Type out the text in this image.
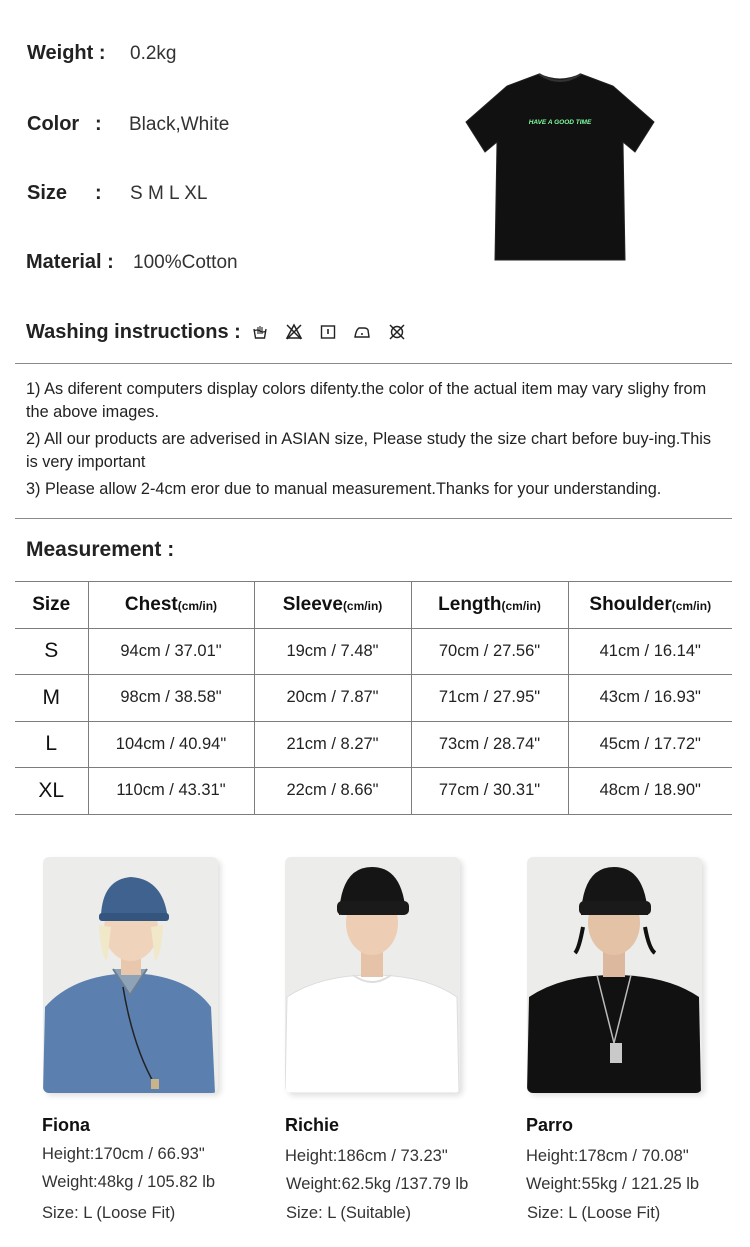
Weight : 0.2kg
Color : Black,White
Size : S M L XL
Material : 100%Cotton
Washing instructions :
HAVE A GOOD TIME

1) As diferent computers display colors difenty.the color of the actual item may vary slighy from the above images.

2) All our products are adverised in ASIAN size, Please study the size chart before buy-ing.This is very important

3) Please allow 2-4cm eror due to manual measurement.Thanks for your understanding.

Measurement :
Size	Chest(cm/in)	Sleeve(cm/in)	Length(cm/in)	Shoulder(cm/in)
S	94cm / 37.01"	19cm / 7.48"	70cm / 27.56"	41cm / 16.14"
M	98cm / 38.58"	20cm / 7.87"	71cm / 27.95"	43cm / 16.93"
L	104cm / 40.94"	21cm / 8.27"	73cm / 28.74"	45cm / 17.72"
XL	110cm / 43.31"	22cm / 8.66"	77cm / 30.31"	48cm / 18.90"
Fiona
Height:170cm / 66.93"
Weight:48kg / 105.82 lb
Size: L (Loose Fit)
Richie
Height:186cm / 73.23"
Weight:62.5kg /137.79 lb
Size: L (Suitable)
Parro
Height:178cm / 70.08"
Weight:55kg / 121.25 lb
Size: L (Loose Fit)
